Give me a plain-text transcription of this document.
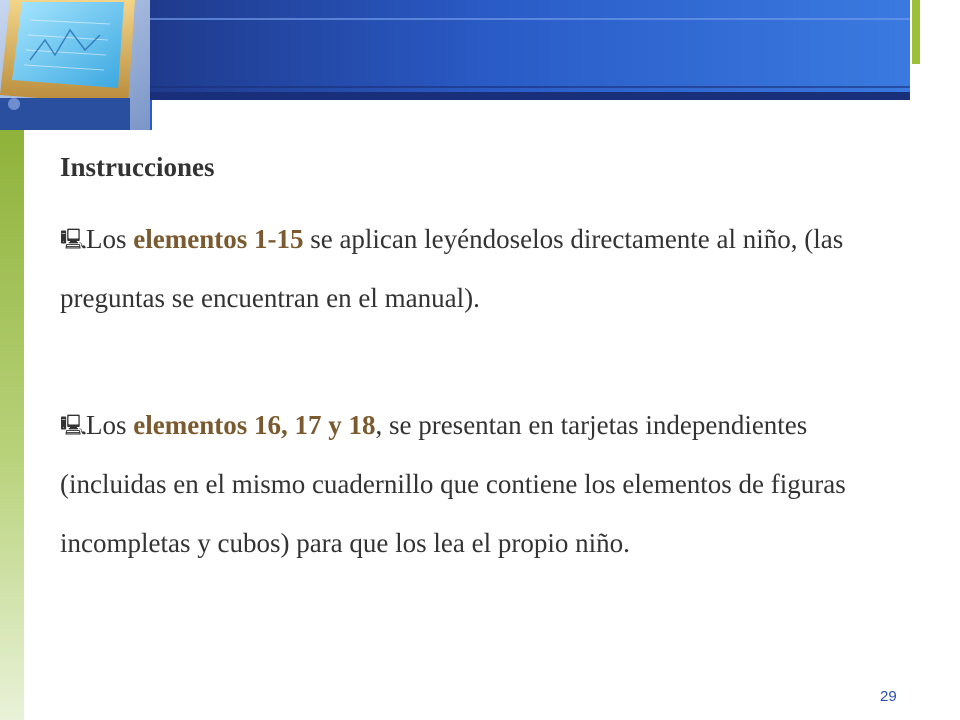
Instrucciones

🖳Los elementos 1-15 se aplican leyéndoselos directamente al niño, (las preguntas se encuentran en el manual).

🖳Los elementos 16, 17 y 18, se presentan en tarjetas independientes (incluidas en el mismo cuadernillo que contiene los elementos de figuras incompletas y cubos) para que los lea el propio niño.

29
